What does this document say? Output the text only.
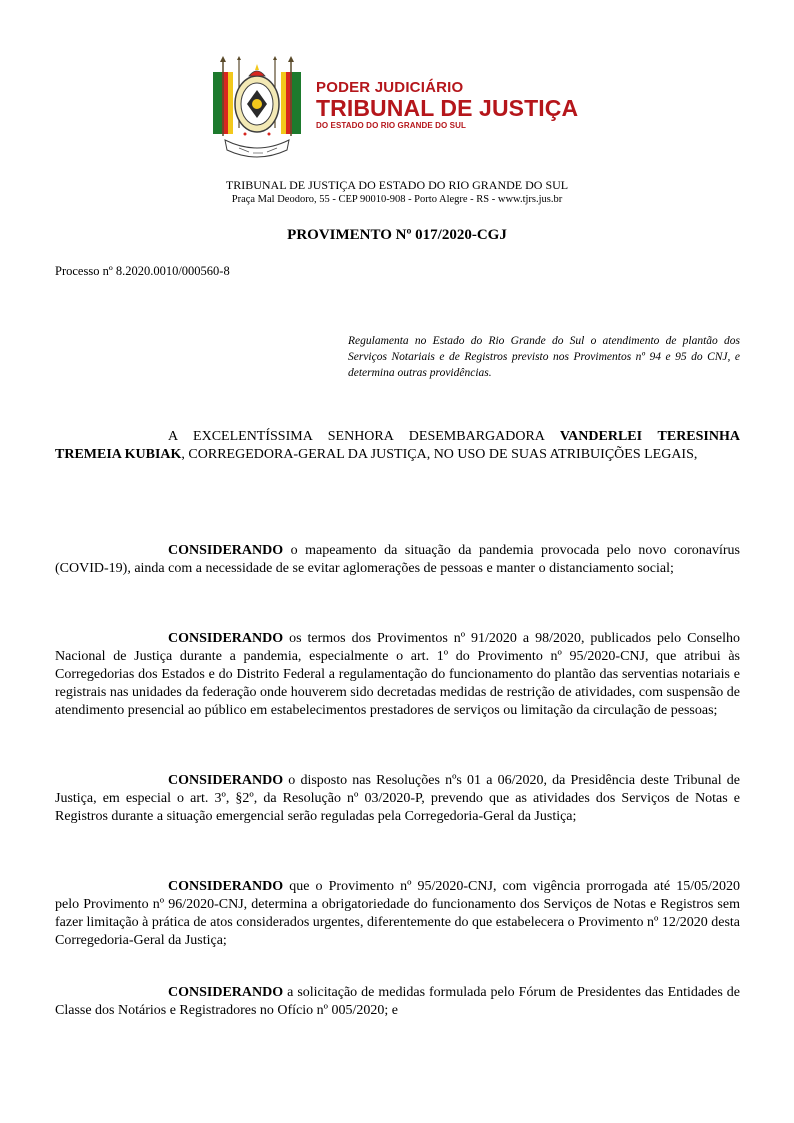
PODER JUDICIÁRIO
TRIBUNAL DE JUSTIÇA
DO ESTADO DO RIO GRANDE DO SUL
TRIBUNAL DE JUSTIÇA DO ESTADO DO RIO GRANDE DO SUL
Praça Mal Deodoro, 55 - CEP 90010-908 - Porto Alegre - RS - www.tjrs.jus.br
PROVIMENTO Nº 017/2020-CGJ
Processo nº 8.2020.0010/000560-8
Regulamenta no Estado do Rio Grande do Sul o atendimento de plantão dos Serviços Notariais e de Registros previsto nos Provimentos nº 94 e 95 do CNJ, e determina outras providências.
A EXCELENTÍSSIMA SENHORA DESEMBARGADORA VANDERLEI TERESINHA TREMEIA KUBIAK, CORREGEDORA-GERAL DA JUSTIÇA, NO USO DE SUAS ATRIBUIÇÕES LEGAIS,
CONSIDERANDO o mapeamento da situação da pandemia provocada pelo novo coronavírus (COVID-19), ainda com a necessidade de se evitar aglomerações de pessoas e manter o distanciamento social;
CONSIDERANDO os termos dos Provimentos nº 91/2020 a 98/2020, publicados pelo Conselho Nacional de Justiça durante a pandemia, especialmente o art. 1º do Provimento nº 95/2020-CNJ, que atribui às Corregedorias dos Estados e do Distrito Federal a regulamentação do funcionamento do plantão das serventias notariais e registrais nas unidades da federação onde houverem sido decretadas medidas de restrição de atividades, com suspensão de atendimento presencial ao público em estabelecimentos prestadores de serviços ou limitação da circulação de pessoas;
CONSIDERANDO o disposto nas Resoluções nºs 01 a 06/2020, da Presidência deste Tribunal de Justiça, em especial o art. 3º, §2º, da Resolução nº 03/2020-P, prevendo que as atividades dos Serviços de Notas e Registros durante a situação emergencial serão reguladas pela Corregedoria-Geral da Justiça;
CONSIDERANDO que o Provimento nº 95/2020-CNJ, com vigência prorrogada até 15/05/2020 pelo Provimento nº 96/2020-CNJ, determina a obrigatoriedade do funcionamento dos Serviços de Notas e Registros sem fazer limitação à prática de atos considerados urgentes, diferentemente do que estabelecera o Provimento nº 12/2020 desta Corregedoria-Geral da Justiça;
CONSIDERANDO a solicitação de medidas formulada pelo Fórum de Presidentes das Entidades de Classe dos Notários e Registradores no Ofício nº 005/2020; e
